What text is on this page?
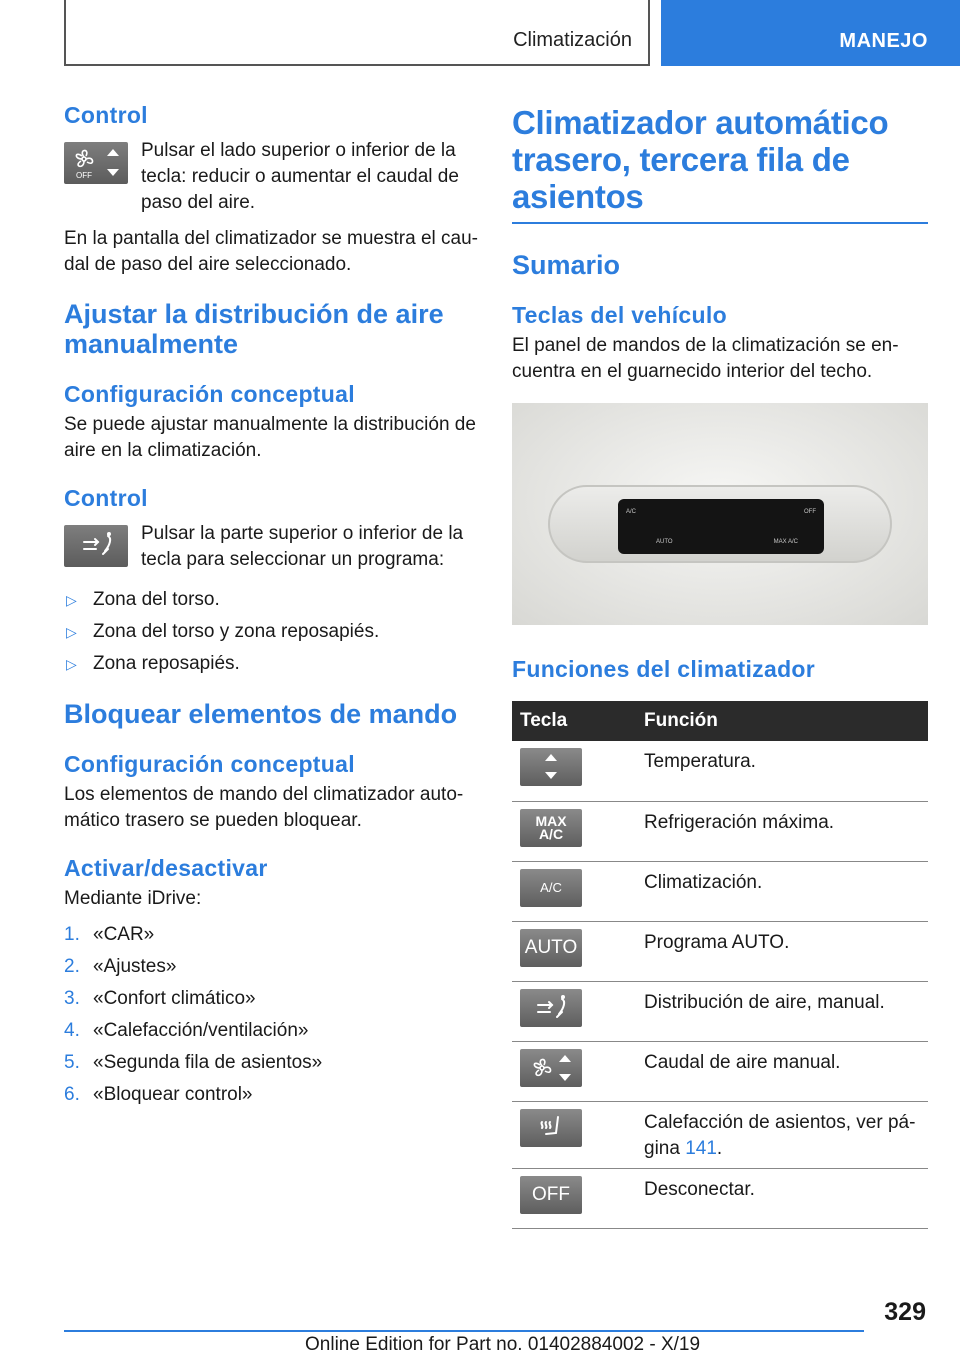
Climatización	MANEJO
Control
OFF
Pulsar el lado superior o inferior de la tecla: reducir o aumentar el caudal de paso del aire.
En la pantalla del climatizador se muestra el caudal de paso del aire seleccionado.
Ajustar la distribución de aire manualmente
Configuración conceptual
Se puede ajustar manualmente la distribución de aire en la climatización.
Control
Pulsar la parte superior o inferior de la tecla para seleccionar un programa:
▷ Zona del torso.
▷ Zona del torso y zona reposapiés.
▷ Zona reposapiés.
Bloquear elementos de mando
Configuración conceptual
Los elementos de mando del climatizador automático trasero se pueden bloquear.
Activar/desactivar
Mediante iDrive:
1. «CAR»
2. «Ajustes»
3. «Confort climático»
4. «Calefacción/ventilación»
5. «Segunda fila de asientos»
6. «Bloquear control»
Climatizador automático trasero, tercera fila de asientos
Sumario
Teclas del vehículo
El panel de mandos de la climatización se encuentra en el guarnecido interior del techo.
A/C	OFF
AUTO	MAX A/C
Funciones del climatizador
Tecla	Función

	Temperatura.

MAX A/C	Refrigeración máxima.

A/C	Climatización.

AUTO	Programa AUTO.

	Distribución de aire, manual.

	Caudal de aire manual.

	Calefacción de asientos, ver página 141.

OFF	Desconectar.
329
Online Edition for Part no. 01402884002 - X/19
